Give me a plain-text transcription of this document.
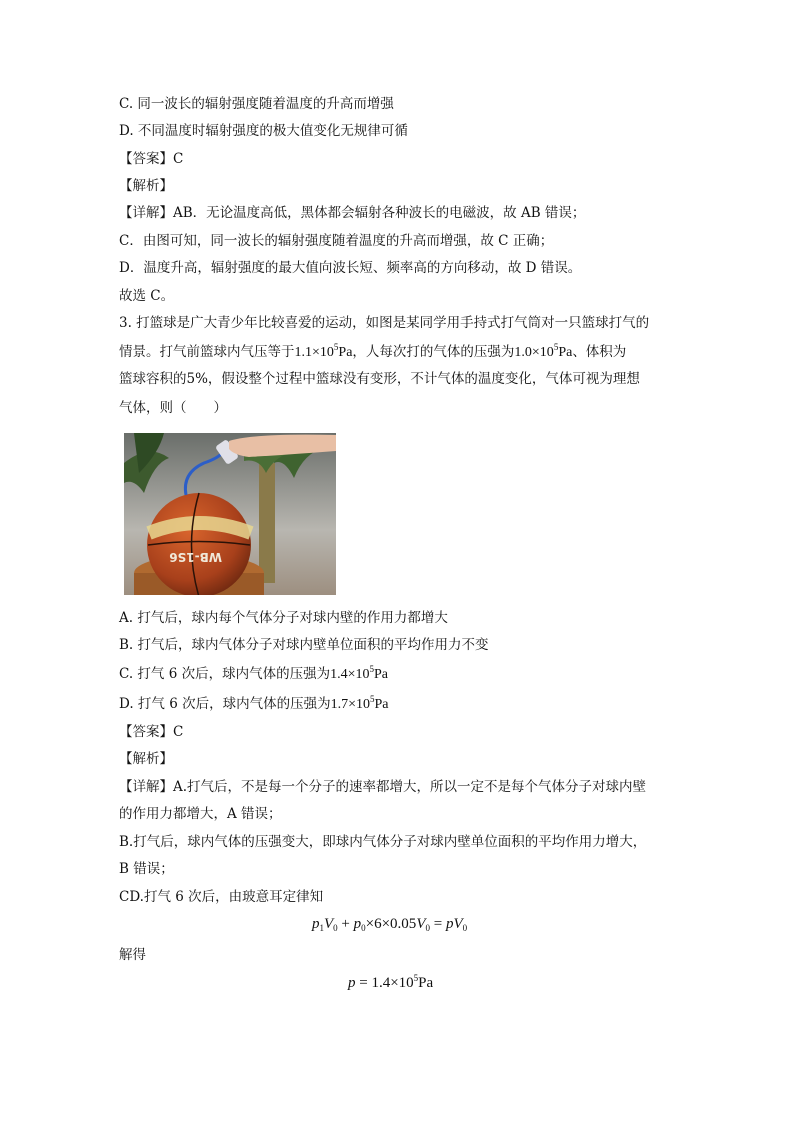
C. 同一波长的辐射强度随着温度的升高而增强
D. 不同温度时辐射强度的极大值变化无规律可循
【答案】C
【解析】
【详解】AB．无论温度高低，黑体都会辐射各种波长的电磁波，故 AB 错误；
C．由图可知，同一波长的辐射强度随着温度的升高而增强，故 C 正确；
D．温度升高，辐射强度的最大值向波长短、频率高的方向移动，故 D 错误。
故选 C。
3. 打篮球是广大青少年比较喜爱的运动，如图是某同学用手持式打气筒对一只篮球打气的
情景。打气前篮球内气压等于$1.1\times 10^5Pa$，人每次打的气体的压强为$1.0\times 10^5Pa$、体积为
篮球容积的5%，假设整个过程中篮球没有变形，不计气体的温度变化，气体可视为理想
气体，则（　　）
WB-1S6
A. 打气后，球内每个气体分子对球内壁的作用力都增大
B. 打气后，球内气体分子对球内壁单位面积的平均作用力不变
C. 打气 6 次后，球内气体的压强为$1.4\times 10^5Pa$
D. 打气 6 次后，球内气体的压强为$1.7\times 10^5Pa$
【答案】C
【解析】
【详解】A.打气后，不是每一个分子的速率都增大，所以一定不是每个气体分子对球内壁
的作用力都增大，A 错误；
B.打气后，球内气体的压强变大，即球内气体分子对球内壁单位面积的平均作用力增大，
B 错误；
CD.打气 6 次后，由玻意耳定律知
$p_1V_0 + p_0\times 6\times 0.05V_0 = pV_0$
解得
$p = 1.4\times 10^5Pa$
